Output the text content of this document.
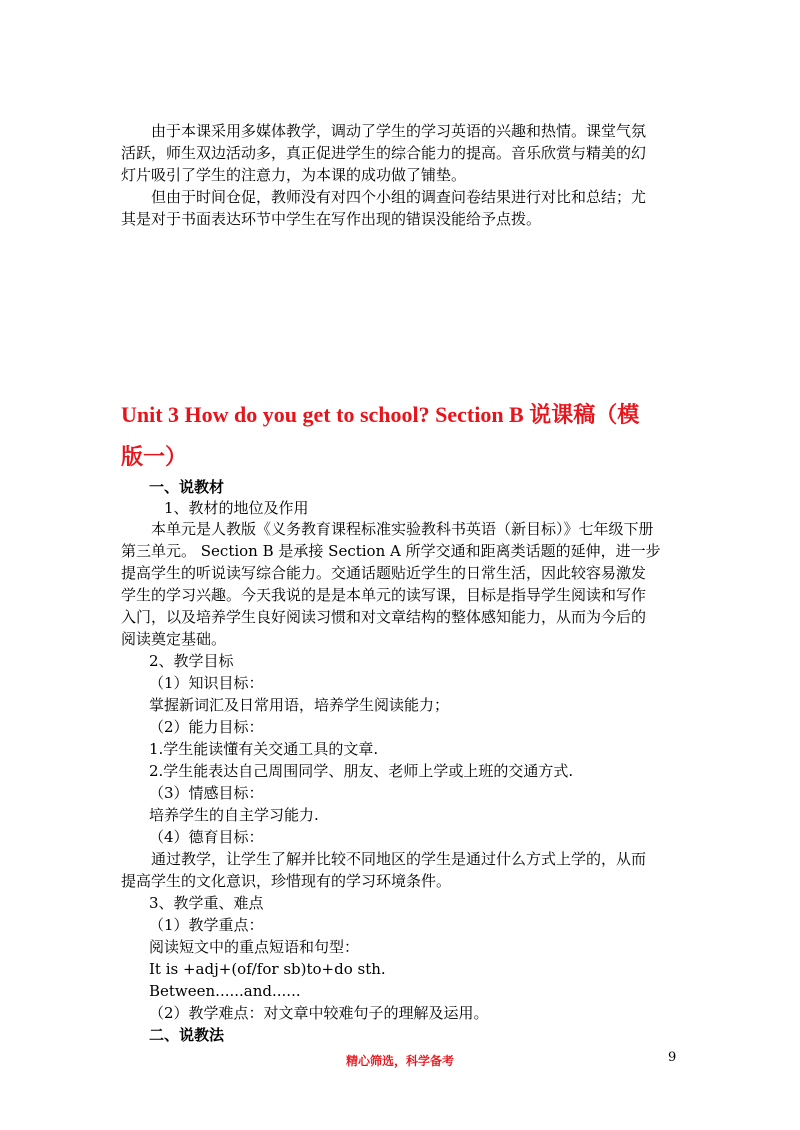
由于本课采用多媒体教学，调动了学生的学习英语的兴趣和热情。课堂气氛
活跃，师生双边活动多，真正促进学生的综合能力的提高。音乐欣赏与精美的幻
灯片吸引了学生的注意力，为本课的成功做了铺垫。
但由于时间仓促，教师没有对四个小组的调查问卷结果进行对比和总结；尤
其是对于书面表达环节中学生在写作出现的错误没能给予点拨。
Unit 3 How do you get to school? Section B 说课稿（模
版一）
一、说教材
1、教材的地位及作用
本单元是人教版《义务教育课程标准实验教科书英语（新目标）》七年级下册
第三单元。 Section B 是承接 Section A 所学交通和距离类话题的延伸，进一步
提高学生的听说读写综合能力。交通话题贴近学生的日常生活，因此较容易激发
学生的学习兴趣。今天我说的是是本单元的读写课，目标是指导学生阅读和写作
入门，以及培养学生良好阅读习惯和对文章结构的整体感知能力，从而为今后的
阅读奠定基础。
2、教学目标
（1）知识目标：
掌握新词汇及日常用语，培养学生阅读能力；
（2）能力目标：
1.学生能读懂有关交通工具的文章.
2.学生能表达自己周围同学、朋友、老师上学或上班的交通方式.
（3）情感目标：
培养学生的自主学习能力.
（4）德育目标：
通过教学，让学生了解并比较不同地区的学生是通过什么方式上学的，从而
提高学生的文化意识，珍惜现有的学习环境条件。
3、教学重、难点
（1）教学重点：
阅读短文中的重点短语和句型：
It is +adj+(of/for sb)to+do sth.
Between......and......
（2）教学难点：对文章中较难句子的理解及运用。
二、说教法
精心筛选，科学备考	9
